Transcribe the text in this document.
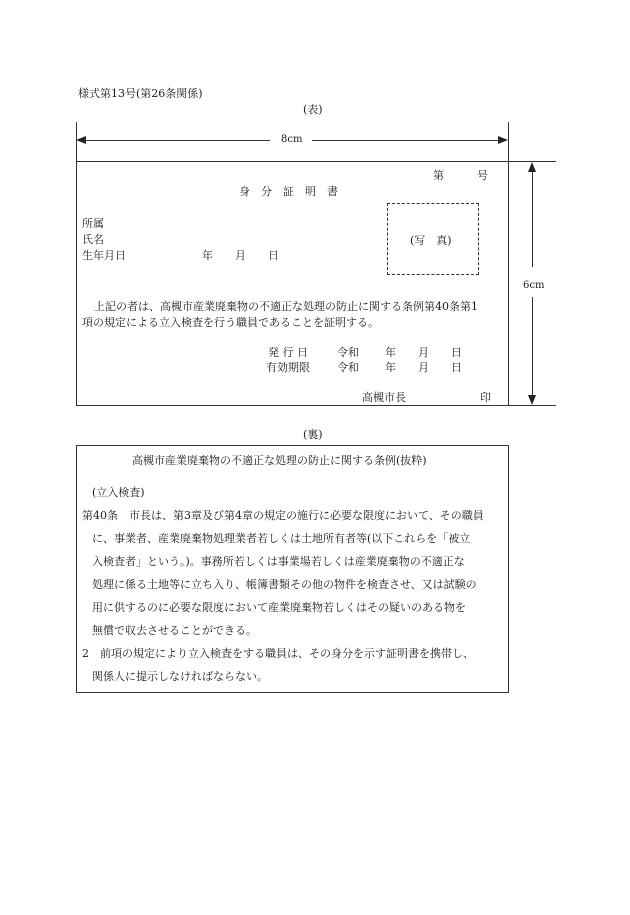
様式第13号(第26条関係)
(表)
8cm
6cm
第　　　号
身　分　証　明　書
(写　真)
所属
氏名
生年月日	年　　月　　日
上記の者は、高槻市産業廃棄物の不適正な処理の防止に関する条例第40条第1
項の規定による立入検査を行う職員であることを証明する。
発 行 日	令和 年　　月　　日
有効期限 令和 年　　月　　日
高槻市長	印
(裏)
高槻市産業廃棄物の不適正な処理の防止に関する条例(抜粋)
(立入検査)
第40条　市長は、第3章及び第4章の規定の施行に必要な限度において、その職員
に、事業者、産業廃棄物処理業者若しくは土地所有者等(以下これらを「被立
入検査者」という。)。事務所若しくは事業場若しくは産業廃棄物の不適正な
処理に係る土地等に立ち入り、帳簿書類その他の物件を検査させ、又は試験の
用に供するのに必要な限度において産業廃棄物若しくはその疑いのある物を
無償で収去させることができる。
2　前項の規定により立入検査をする職員は、その身分を示す証明書を携帯し、
関係人に提示しなければならない。
